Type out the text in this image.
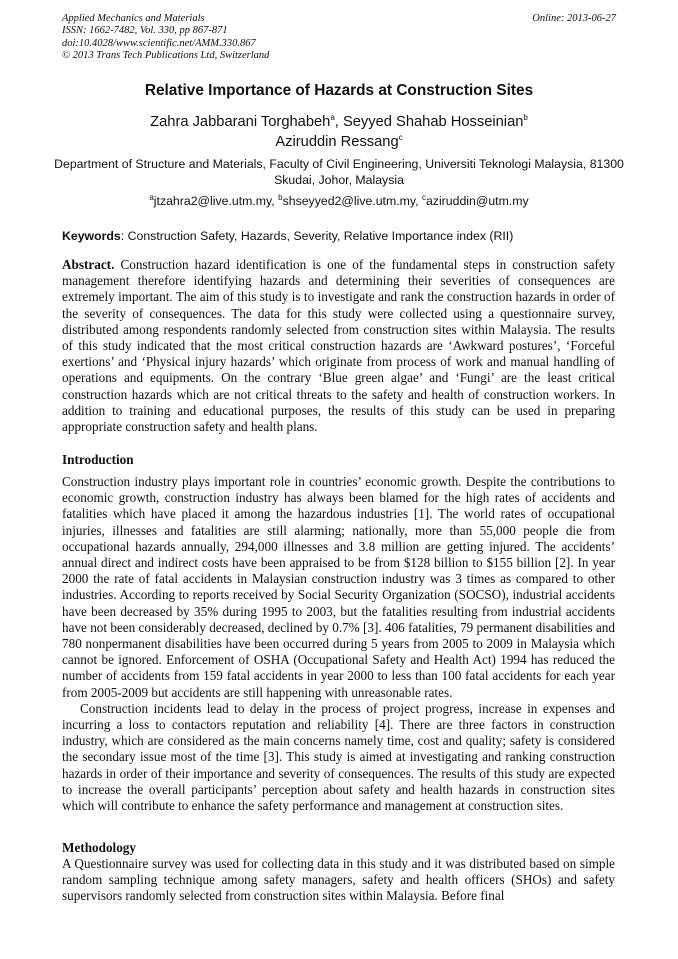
Applied Mechanics and Materials
ISSN: 1662-7482, Vol. 330, pp 867-871
doi:10.4028/www.scientific.net/AMM.330.867
© 2013 Trans Tech Publications Ltd, Switzerland
Online: 2013-06-27
Relative Importance of Hazards at Construction Sites
Zahra Jabbarani Torghabeh$^a$, Seyyed Shahab Hosseinian$^b$
Aziruddin Ressang$^c$
Department of Structure and Materials, Faculty of Civil Engineering, Universiti Teknologi Malaysia, 81300 Skudai, Johor, Malaysia
$^a$jtzahra2@live.utm.my, $^b$shseyyed2@live.utm.my, $^c$aziruddin@utm.my
Keywords: Construction Safety, Hazards, Severity, Relative Importance index (RII)
Abstract. Construction hazard identification is one of the fundamental steps in construction safety management therefore identifying hazards and determining their severities of consequences are extremely important. The aim of this study is to investigate and rank the construction hazards in order of the severity of consequences. The data for this study were collected using a questionnaire survey, distributed among respondents randomly selected from construction sites within Malaysia. The results of this study indicated that the most critical construction hazards are ‘Awkward postures’, ‘Forceful exertions’ and ‘Physical injury hazards’ which originate from process of work and manual handling of operations and equipments. On the contrary ‘Blue green algae’ and ‘Fungi’ are the least critical construction hazards which are not critical threats to the safety and health of construction workers. In addition to training and educational purposes, the results of this study can be used in preparing appropriate construction safety and health plans.
Introduction

Construction industry plays important role in countries’ economic growth. Despite the contributions to economic growth, construction industry has always been blamed for the high rates of accidents and fatalities which have placed it among the hazardous industries [1]. The world rates of occupational injuries, illnesses and fatalities are still alarming; nationally, more than 55,000 people die from occupational hazards annually, 294,000 illnesses and 3.8 million are getting injured. The accidents’ annual direct and indirect costs have been appraised to be from $128 billion to $155 billion [2]. In year 2000 the rate of fatal accidents in Malaysian construction industry was 3 times as compared to other industries. According to reports received by Social Security Organization (SOCSO), industrial accidents have been decreased by 35% during 1995 to 2003, but the fatalities resulting from industrial accidents have not been considerably decreased, declined by 0.7% [3]. 406 fatalities, 79 permanent disabilities and 780 nonpermanent disabilities have been occurred during 5 years from 2005 to 2009 in Malaysia which cannot be ignored. Enforcement of OSHA (Occupational Safety and Health Act) 1994 has reduced the number of accidents from 159 fatal accidents in year 2000 to less than 100 fatal accidents for each year from 2005-2009 but accidents are still happening with unreasonable rates.

Construction incidents lead to delay in the process of project progress, increase in expenses and incurring a loss to contactors reputation and reliability [4]. There are three factors in construction industry, which are considered as the main concerns namely time, cost and quality; safety is considered the secondary issue most of the time [3]. This study is aimed at investigating and ranking construction hazards in order of their importance and severity of consequences. The results of this study are expected to increase the overall participants’ perception about safety and health hazards in construction sites which will contribute to enhance the safety performance and management at construction sites.

Methodology

A Questionnaire survey was used for collecting data in this study and it was distributed based on simple random sampling technique among safety managers, safety and health officers (SHOs) and safety supervisors randomly selected from construction sites within Malaysia. Before final
